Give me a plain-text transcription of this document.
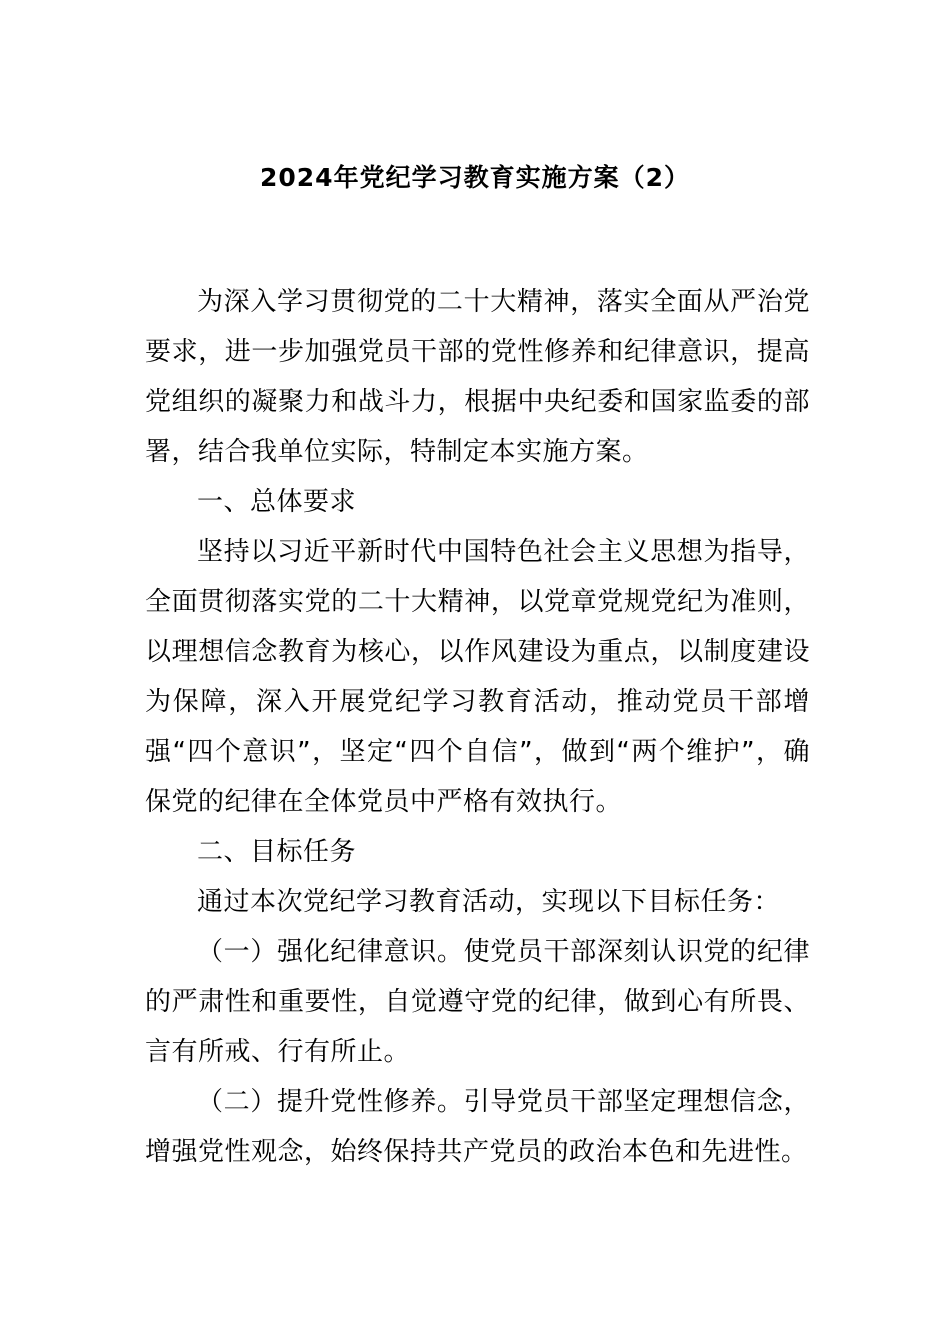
2024年党纪学习教育实施方案（2）

为深入学习贯彻党的二十大精神，落实全面从严治党要求，进一步加强党员干部的党性修养和纪律意识，提高党组织的凝聚力和战斗力，根据中央纪委和国家监委的部署，结合我单位实际，特制定本实施方案。

一、总体要求

坚持以习近平新时代中国特色社会主义思想为指导，全面贯彻落实党的二十大精神，以党章党规党纪为准则，以理想信念教育为核心，以作风建设为重点，以制度建设为保障，深入开展党纪学习教育活动，推动党员干部增强“四个意识”，坚定“四个自信”，做到“两个维护”，确保党的纪律在全体党员中严格有效执行。

二、目标任务

通过本次党纪学习教育活动，实现以下目标任务：

（一）强化纪律意识。使党员干部深刻认识党的纪律的严肃性和重要性，自觉遵守党的纪律，做到心有所畏、言有所戒、行有所止。

（二）提升党性修养。引导党员干部坚定理想信念，增强党性观念，始终保持共产党员的政治本色和先进性。
